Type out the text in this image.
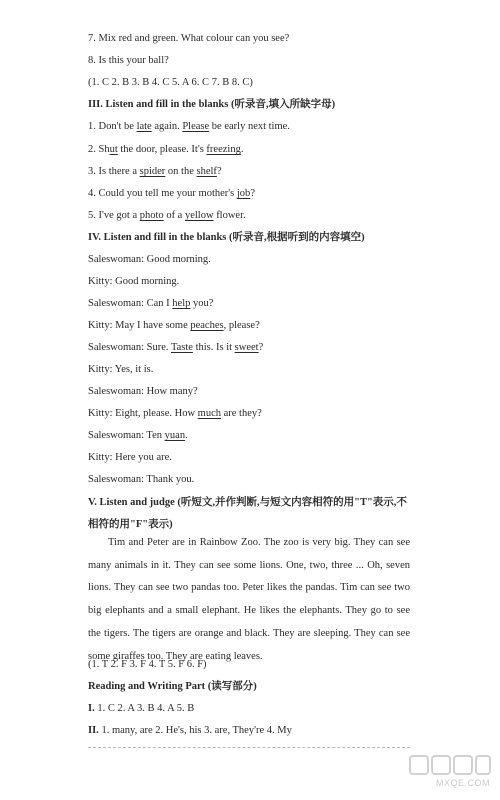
7. Mix red and green. What colour can you see?
8. Is this your ball?
(1. C 2. B 3. B 4. C 5. A 6. C 7. B 8. C)
III. Listen and fill in the blanks (听录音,填入所缺字母)
1. Don't be late again. Please be early next time.
2. Shut the door, please. It's freezing.
3. Is there a spider on the shelf?
4. Could you tell me your mother's job?
5. I've got a photo of a yellow flower.
IV. Listen and fill in the blanks (听录音,根据听到的内容填空)
Saleswoman: Good morning.
Kitty: Good morning.
Saleswoman: Can I help you?
Kitty: May I have some peaches, please?
Saleswoman: Sure. Taste this. Is it sweet?
Kitty: Yes, it is.
Saleswoman: How many?
Kitty: Eight, please. How much are they?
Saleswoman: Ten yuan.
Kitty: Here you are.
Saleswoman: Thank you.
V. Listen and judge (听短文,并作判断,与短文内容相符的用"T"表示,不
相符的用"F"表示)
Tim and Peter are in Rainbow Zoo. The zoo is very big. They can see many animals in it. They can see some lions. One, two, three ... Oh, seven lions. They can see two pandas too. Peter likes the pandas. Tim can see two big elephants and a small elephant. He likes the elephants. They go to see the tigers. The tigers are orange and black. They are sleeping. They can see some giraffes too. They are eating leaves.
(1. T 2. F 3. F 4. T 5. F 6. F)
Reading and Writing Part (读写部分)
I. 1. C 2. A 3. B 4. A 5. B
II. 1. many, are 2. He's, his 3. are, They're 4. My
MXQE.COM
